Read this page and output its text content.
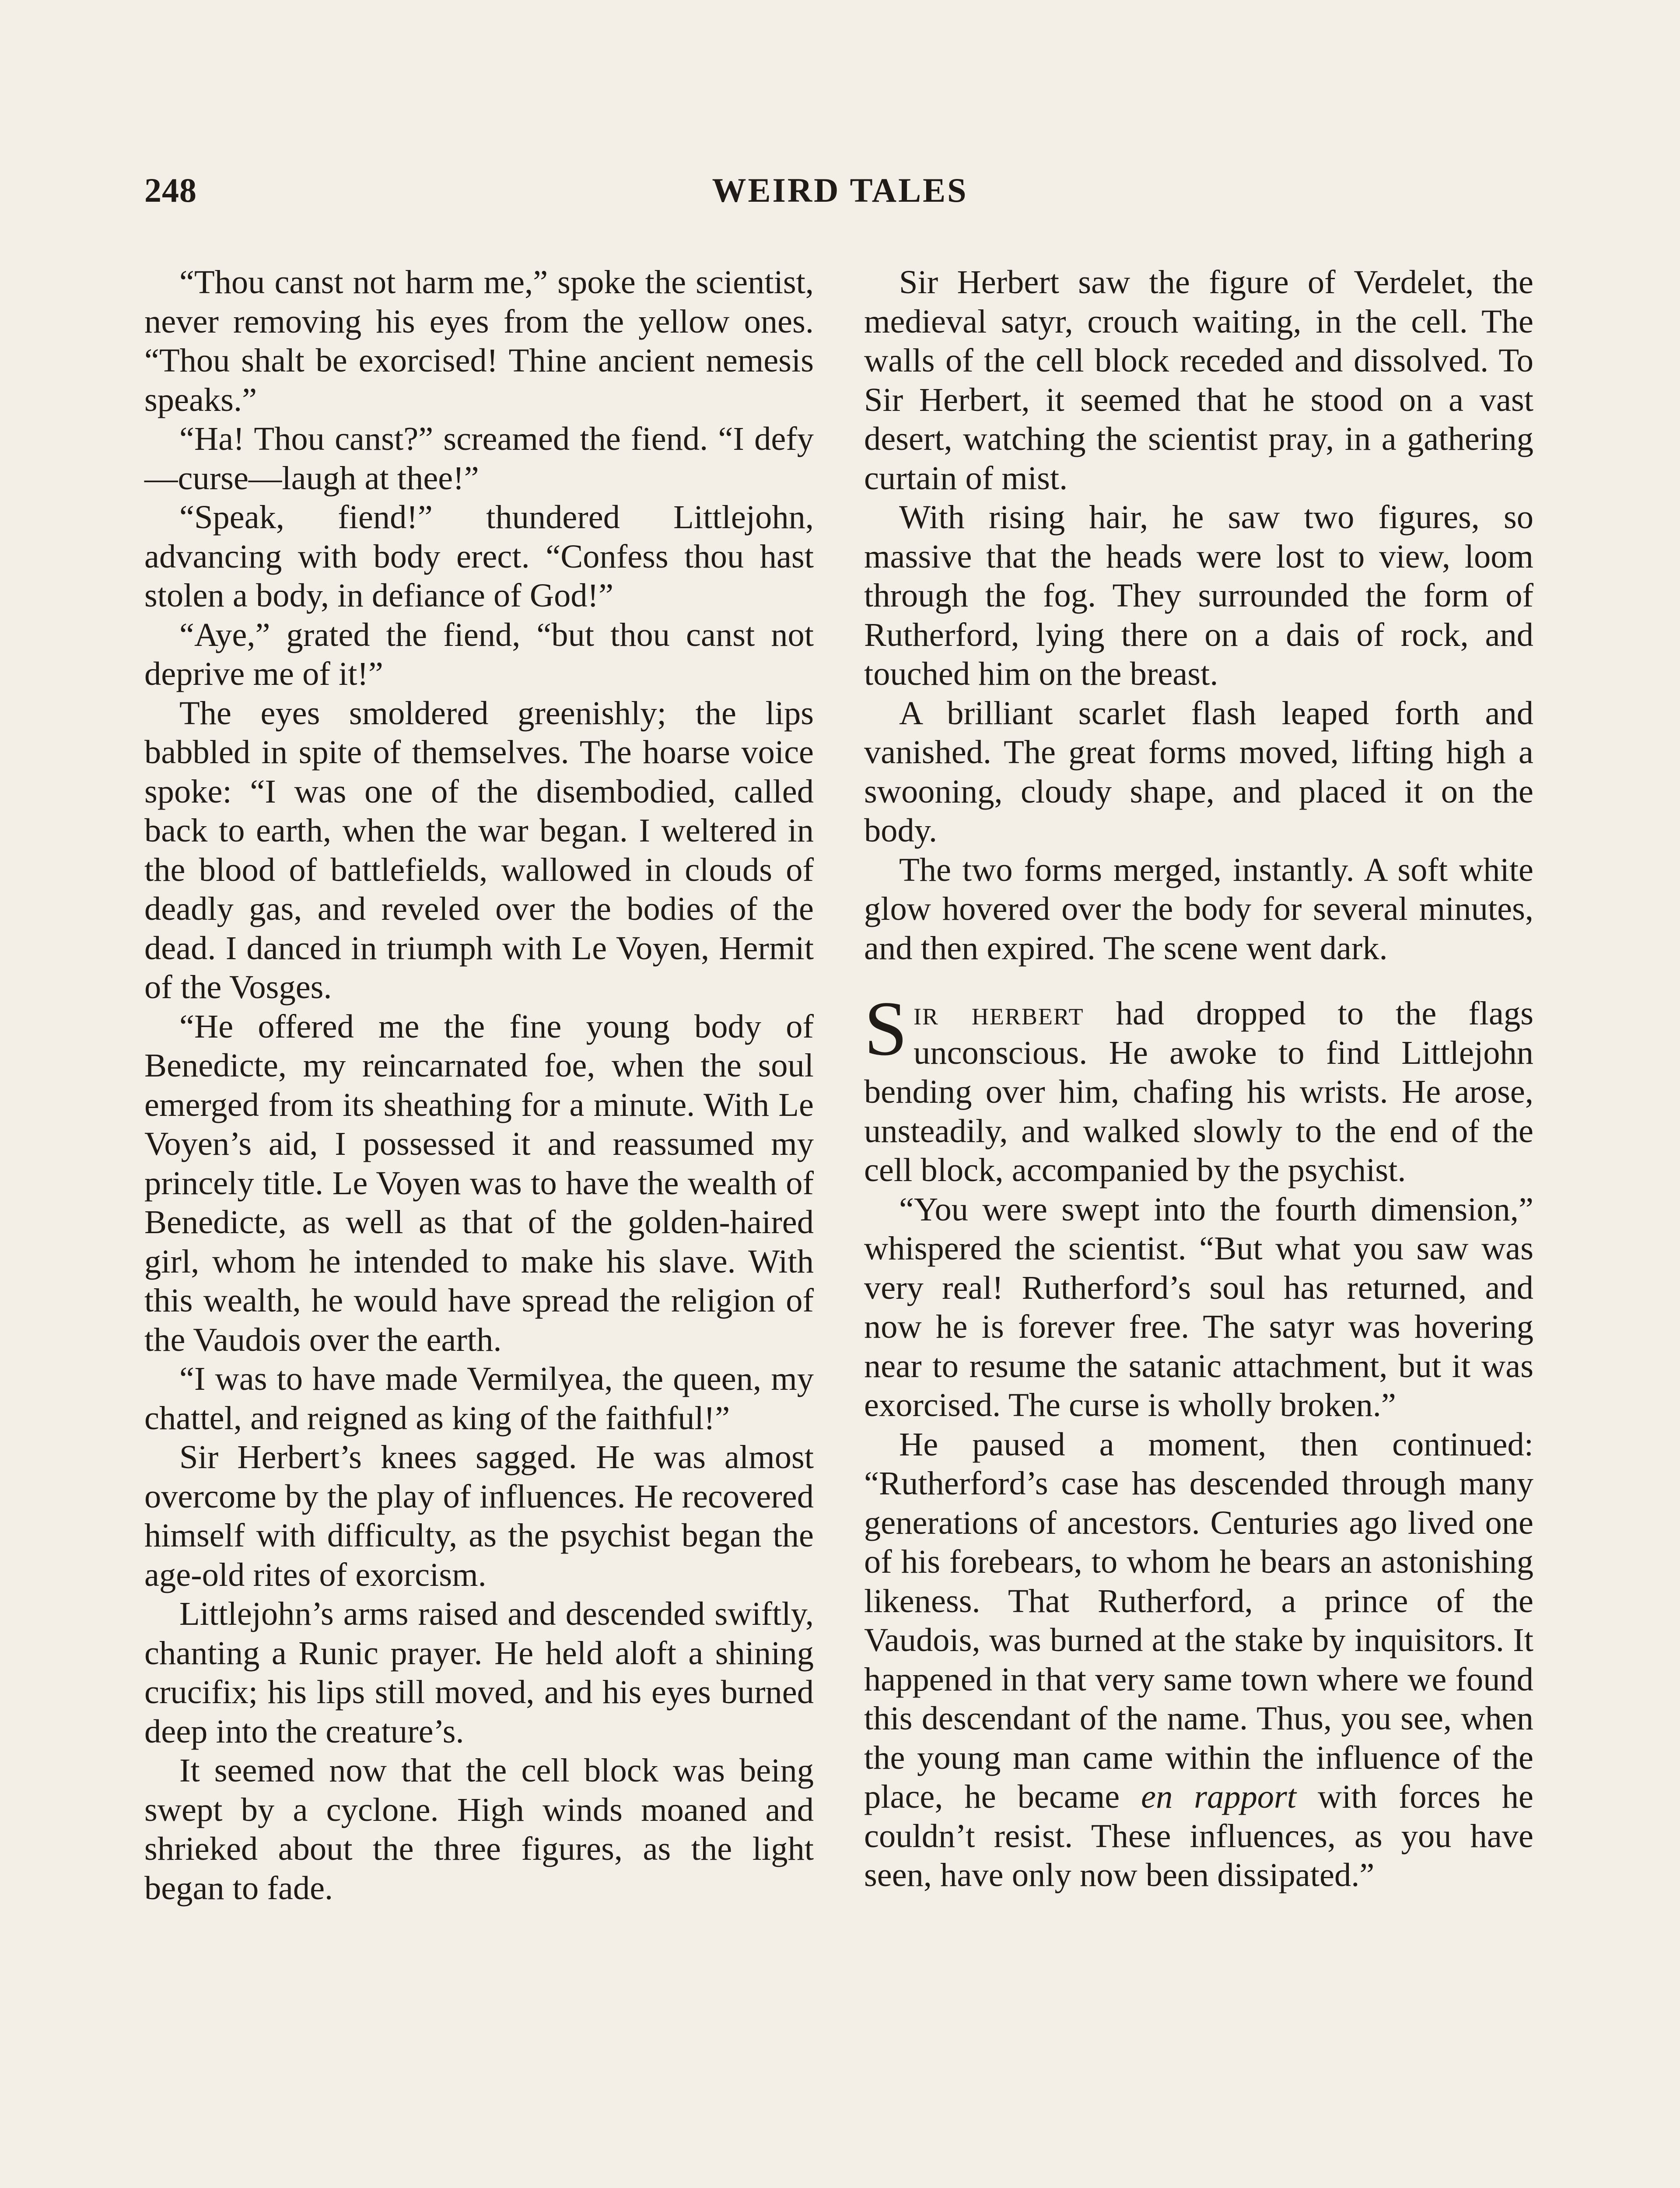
248	WEIRD TALES

“Thou canst not harm me,” spoke the scientist, never removing his eyes from the yellow ones. “Thou shalt be exorcised! Thine ancient nemesis speaks.”

“Ha! Thou canst?” screamed the fiend. “I defy—curse—laugh at thee!”

“Speak, fiend!” thundered Littlejohn, advancing with body erect. “Confess thou hast stolen a body, in defiance of God!”

“Aye,” grated the fiend, “but thou canst not deprive me of it!”

The eyes smoldered greenishly; the lips babbled in spite of themselves. The hoarse voice spoke: “I was one of the disembodied, called back to earth, when the war began. I weltered in the blood of battlefields, wallowed in clouds of deadly gas, and reveled over the bodies of the dead. I danced in triumph with Le Voyen, Hermit of the Vosges.

“He offered me the fine young body of Benedicte, my reincarnated foe, when the soul emerged from its sheathing for a minute. With Le Voyen’s aid, I possessed it and reassumed my princely title. Le Voyen was to have the wealth of Benedicte, as well as that of the golden-haired girl, whom he intended to make his slave. With this wealth, he would have spread the religion of the Vaudois over the earth.

“I was to have made Vermilyea, the queen, my chattel, and reigned as king of the faithful!”

Sir Herbert’s knees sagged. He was almost overcome by the play of influences. He recovered himself with difficulty, as the psychist began the age-old rites of exorcism.

Littlejohn’s arms raised and descended swiftly, chanting a Runic prayer. He held aloft a shining crucifix; his lips still moved, and his eyes burned deep into the creature’s.

It seemed now that the cell block was being swept by a cyclone. High winds moaned and shrieked about the three figures, as the light began to fade.

Sir Herbert saw the figure of Verdelet, the medieval satyr, crouch waiting, in the cell. The walls of the cell block receded and dissolved. To Sir Herbert, it seemed that he stood on a vast desert, watching the scientist pray, in a gathering curtain of mist.

With rising hair, he saw two figures, so massive that the heads were lost to view, loom through the fog. They surrounded the form of Rutherford, lying there on a dais of rock, and touched him on the breast.

A brilliant scarlet flash leaped forth and vanished. The great forms moved, lifting high a swooning, cloudy shape, and placed it on the body.

The two forms merged, instantly. A soft white glow hovered over the body for several minutes, and then expired. The scene went dark.

Sir herbert had dropped to the flags unconscious. He awoke to find Littlejohn bending over him, chafing his wrists. He arose, unsteadily, and walked slowly to the end of the cell block, accompanied by the psychist.

“You were swept into the fourth dimension,” whispered the scientist. “But what you saw was very real! Rutherford’s soul has returned, and now he is forever free. The satyr was hovering near to resume the satanic attachment, but it was exorcised. The curse is wholly broken.”

He paused a moment, then continued: “Rutherford’s case has descended through many generations of ancestors. Centuries ago lived one of his forebears, to whom he bears an astonishing likeness. That Rutherford, a prince of the Vaudois, was burned at the stake by inquisitors. It happened in that very same town where we found this descendant of the name. Thus, you see, when the young man came within the influence of the place, he became en rapport with forces he couldn’t resist. These influences, as you have seen, have only now been dissipated.”
